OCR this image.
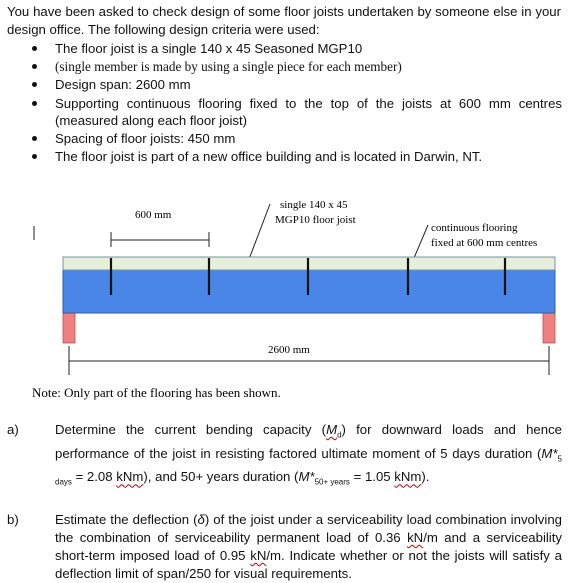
You have been asked to check design of some floor joists undertaken by someone else in your design office. The following design criteria were used:
The floor joist is a single 140 x 45 Seasoned MGP10
(single member is made by using a single piece for each member)
Design span: 2600 mm
Supporting continuous flooring fixed to the top of the joists at 600 mm centres (measured along each floor joist)
Spacing of floor joists: 450 mm
The floor joist is part of a new office building and is located in Darwin, NT.
600 mm
single 140 x 45
MGP10 floor joist
continuous flooring
fixed at 600 mm centres
2600 mm
Note: Only part of the flooring has been shown.
a)	Determine the current bending capacity $(M_d)$ for downward loads and hence performance of the joist in resisting factored ultimate moment of 5 days duration ($M*_{5 days} = 2.08$ kNm), and 50+ years duration ($M*_{50+ years} = 1.05$ kNm).
b)	Estimate the deflection (δ) of the joist under a serviceability load combination involving the combination of serviceability permanent load of 0.36 kN/m and a serviceability short-term imposed load of 0.95 kN/m. Indicate whether or not the joists will satisfy a deflection limit of span/250 for visual requirements.
